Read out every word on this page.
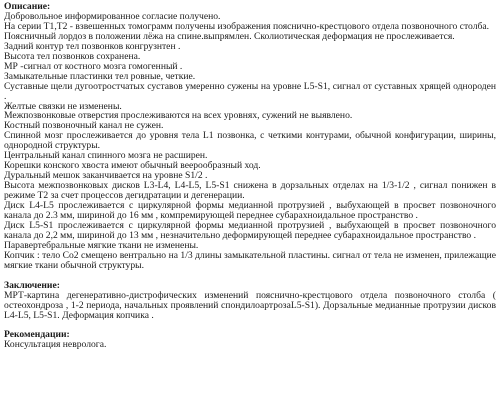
Описание:
Добровольное информированное согласие получено.
На серии Т1,Т2 - взвешенных томограмм получены изображения пояснично-крестцового отдела позвоночного столба.
Поясничный лордоз в положении лёжа на спине.выпрямлен. Сколиотическая деформация не прослеживается.
Задний контур тел позвонков конгрузнтен .
Высота тел позвонков сохранена.
МР -сигнал от костного мозга гомогенный .
Замыкательные пластинки тел ровные, четкие.
Суставные щели дугоотростчатых суставов умеренно сужены на уровне L5-S1, сигнал от суставных хрящей однороден .
Желтые связки не изменены.
Межпозвонковые отверстия прослеживаются на всех уровнях, сужений не выявлено.
Костный позвоночный канал не сужен.
Спинной мозг прослеживается до уровня тела L1 позвонка, с четкими контурами, обычной конфигурации, ширины, однородной структуры.
Центральный канал спинного мозга не расширен.
Корешки конского хвоста имеют обычный веерообразный ход.
Дуральный мешок заканчивается на уровне S1/2 .
Высота межпозвонковых дисков L3-L4, L4-L5, L5-S1 снижена в дорзальных отделах на 1/3-1/2 , сигнал понижен в режиме Т2 за счет процессов дегидратации и дегенерации.
Диск L4-L5 прослеживается с циркулярной формы медианной протрузией , выбухающей в просвет позвоночного канала до 2.3 мм, шириной до 16 мм , компремирующей переднее субарахноидальное пространство .
Диск L5-S1 прослеживается с циркулярной формы медианной протрузией , выбухающей в просвет позвоночного канала до 2,2 мм, шириной до 13 мм , незначительно деформирующей переднее субарахноидальное пространство .
Паравертебральные мягкие ткани не изменены.
Копчик : тело Со2 смещено вентрально на 1/3 длины замыкательной пластины. сигнал от тела не изменен, прилежащие мягкие ткани обычной структуры.
Заключение:
МРТ-картина дегенеративно-дистрофических изменений пояснично-крестцового отдела позвоночного столба ( остеохондроза , 1-2 периода, начальных проявлений спондилоартрозаL5-S1). Дорзальные медианные протрузии дисков L4-L5, L5-S1. Деформация копчика .
Рекомендации:
Консультация невролога.
